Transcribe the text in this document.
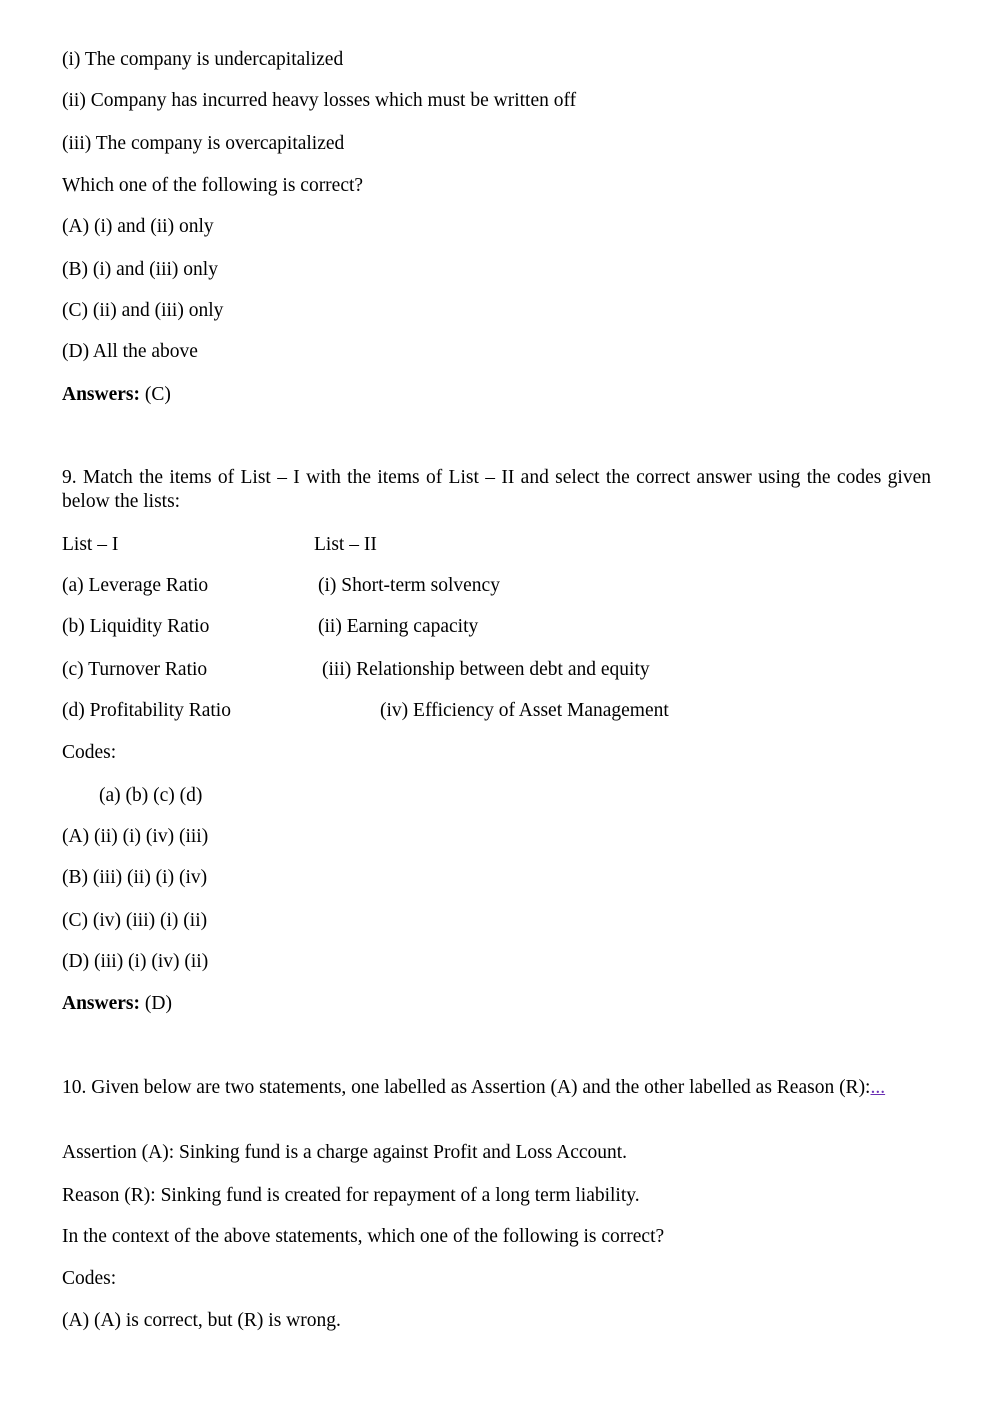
(i) The company is undercapitalized
(ii) Company has incurred heavy losses which must be written off
(iii) The company is overcapitalized
Which one of the following is correct?
(A) (i) and (ii) only
(B) (i) and (iii) only
(C) (ii) and (iii) only
(D) All the above
Answers: (C)
9. Match the items of List – I with the items of List – II and select the correct answer using the codes given below the lists:
List – I	List – II
(a) Leverage Ratio	(i) Short-term solvency
(b) Liquidity Ratio	(ii) Earning capacity
(c) Turnover Ratio	(iii) Relationship between debt and equity
(d) Profitability Ratio	(iv) Efficiency of Asset Management
Codes:
(a) (b) (c) (d)
(A) (ii) (i) (iv) (iii)
(B) (iii) (ii) (i) (iv)
(C) (iv) (iii) (i) (ii)
(D) (iii) (i) (iv) (ii)
Answers: (D)
10. Given below are two statements, one labelled as Assertion (A) and the other labelled as Reason (R):...
Assertion (A): Sinking fund is a charge against Profit and Loss Account.
Reason (R): Sinking fund is created for repayment of a long term liability.
In the context of the above statements, which one of the following is correct?
Codes:
(A) (A) is correct, but (R) is wrong.
